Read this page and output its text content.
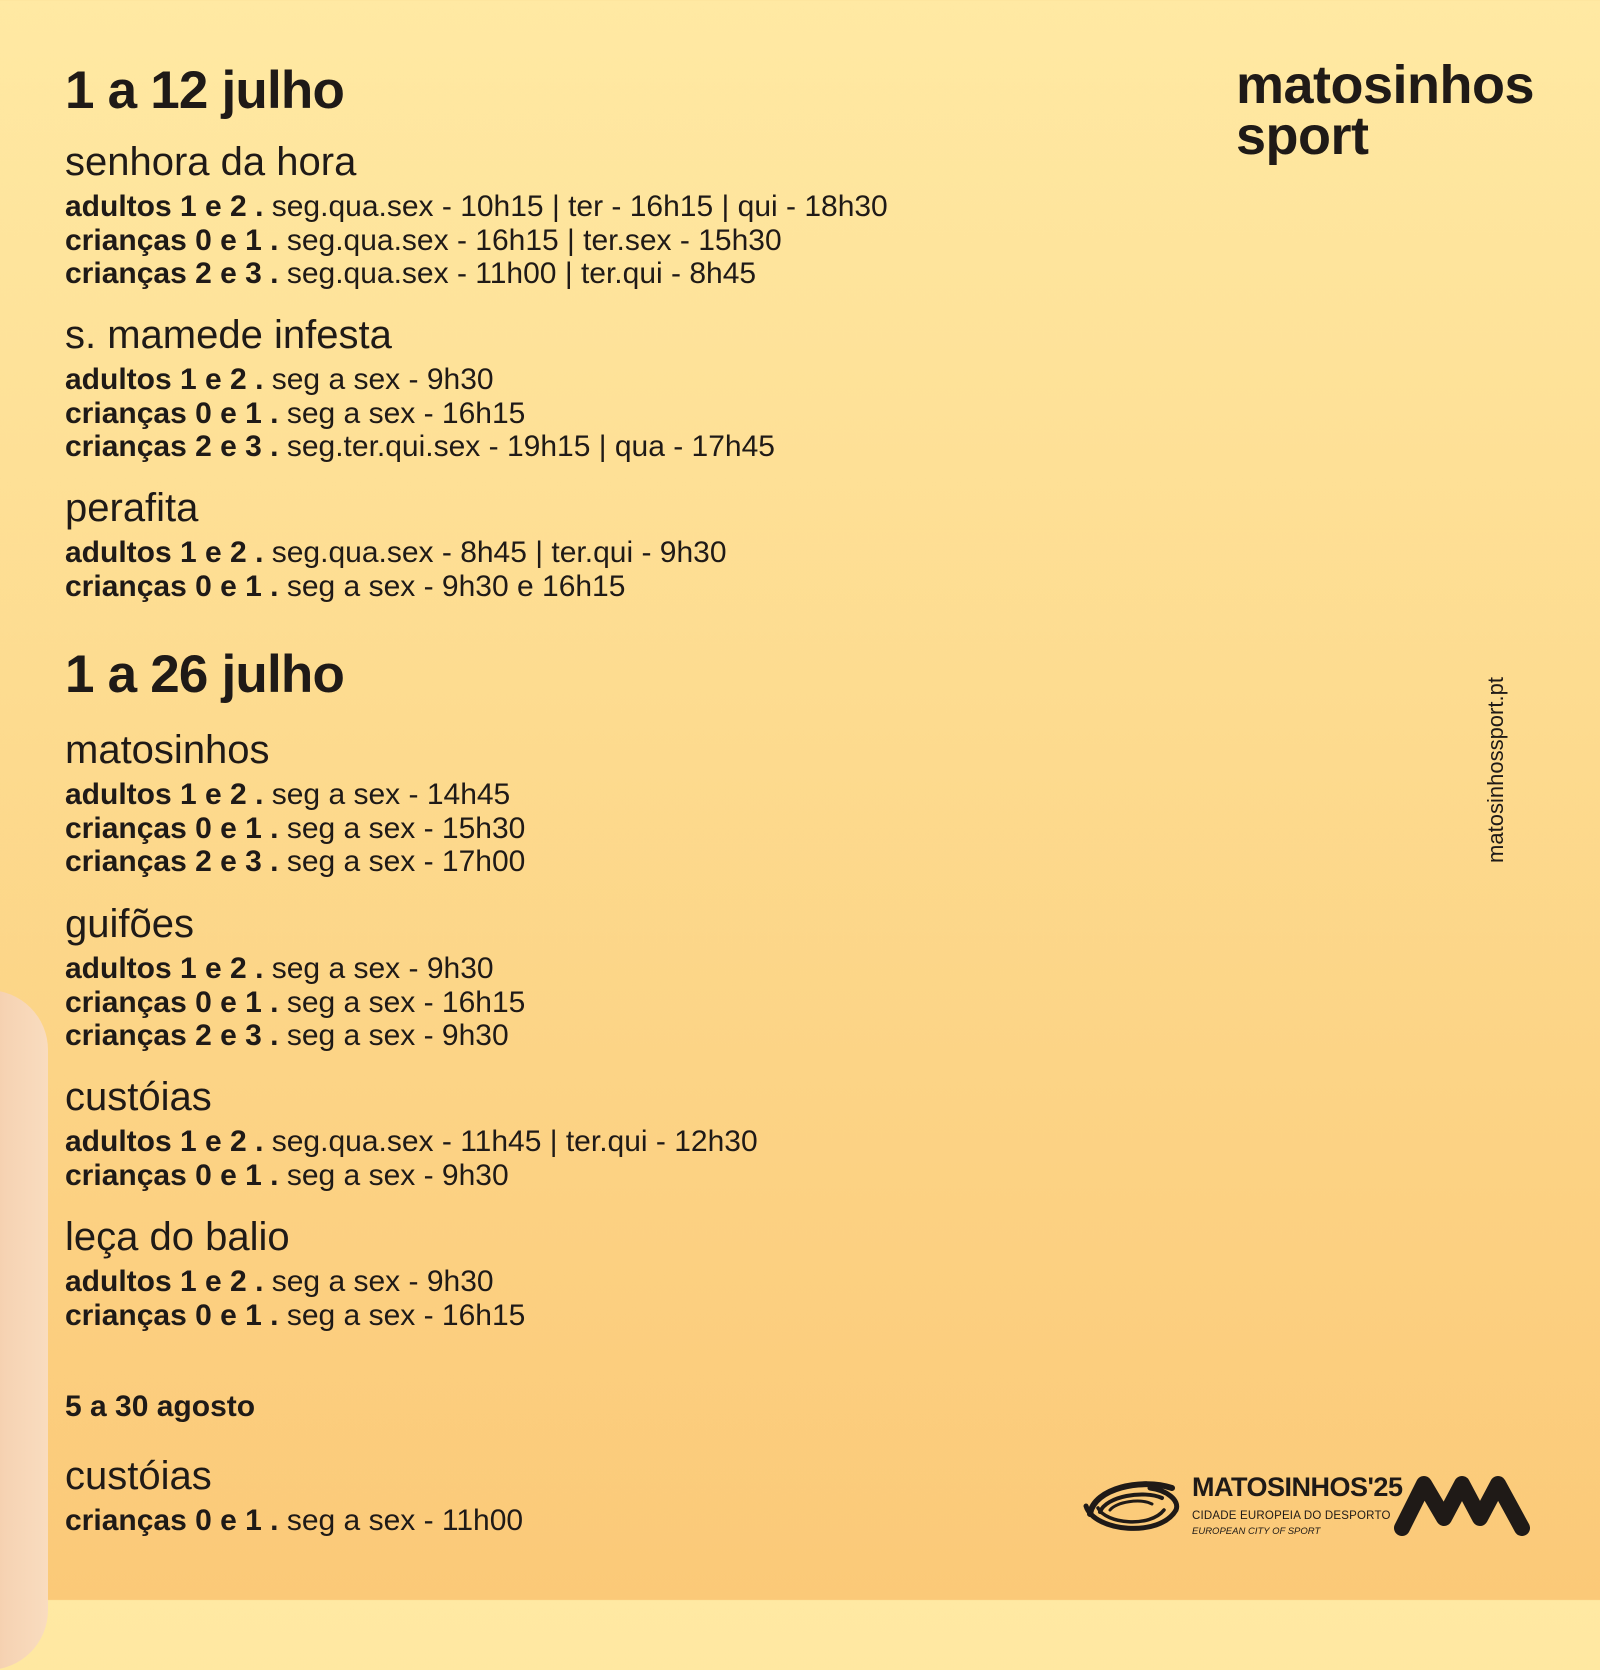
matosinhos
sport
matosinhossport.pt
1 a 12 julho
senhora da hora
adultos 1 e 2 . seg.qua.sex - 10h15 | ter - 16h15 | qui - 18h30
crianças 0 e 1 . seg.qua.sex - 16h15 | ter.sex - 15h30
crianças 2 e 3 . seg.qua.sex - 11h00 | ter.qui - 8h45
s. mamede infesta
adultos 1 e 2 . seg a sex - 9h30
crianças 0 e 1 . seg a sex - 16h15
crianças 2 e 3 . seg.ter.qui.sex - 19h15 | qua - 17h45
perafita
adultos 1 e 2 . seg.qua.sex - 8h45 | ter.qui - 9h30
crianças 0 e 1 . seg a sex - 9h30 e 16h15
1 a 26 julho
matosinhos
adultos 1 e 2 . seg a sex - 14h45
crianças 0 e 1 . seg a sex - 15h30
crianças 2 e 3 . seg a sex - 17h00
guifões
adultos 1 e 2 . seg a sex - 9h30
crianças 0 e 1 . seg a sex - 16h15
crianças 2 e 3 . seg a sex - 9h30
custóias
adultos 1 e 2 . seg.qua.sex - 11h45 | ter.qui - 12h30
crianças 0 e 1 . seg a sex - 9h30
leça do balio
adultos 1 e 2 . seg a sex - 9h30
crianças 0 e 1 . seg a sex - 16h15
5 a 30 agosto
custóias
crianças 0 e 1 . seg a sex - 11h00
MATOSINHOS'25
CIDADE EUROPEIA DO DESPORTO
EUROPEAN CITY OF SPORT
